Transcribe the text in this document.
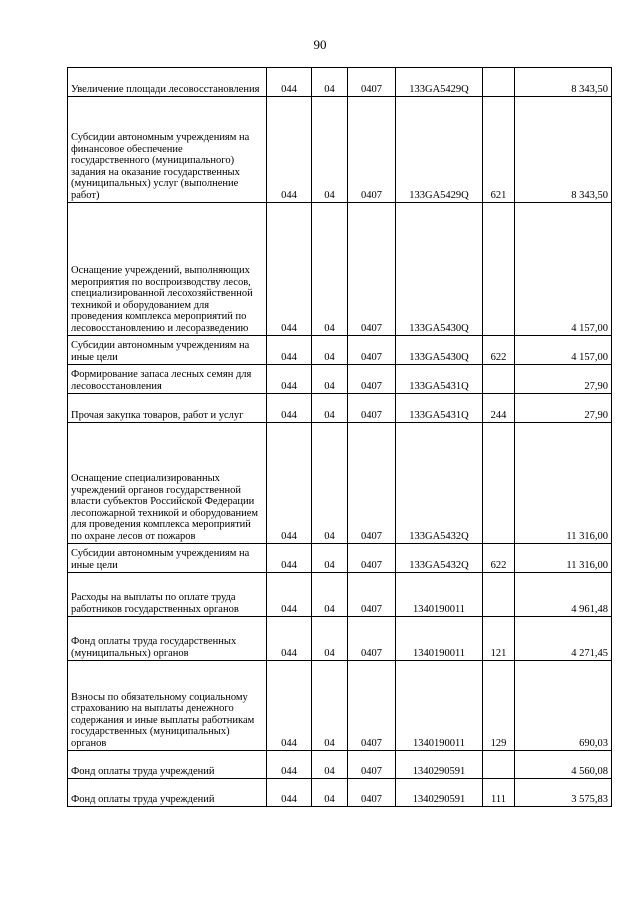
90
Увеличение площади лесовосстановления	044	04	0407	133GA5429Q		8 343,50
Субсидии автономным учреждениям на финансовое обеспечение государственного (муниципального) задания на оказание государственных (муниципальных) услуг (выполнение работ)	044	04	0407	133GA5429Q	621	8 343,50
Оснащение учреждений, выполняющих мероприятия по воспроизводству лесов, специализированной лесохозяйственной техникой и оборудованием для проведения комплекса мероприятий по лесовосстановлению и лесоразведению	044	04	0407	133GA5430Q		4 157,00
Субсидии автономным учреждениям на иные цели	044	04	0407	133GA5430Q	622	4 157,00
Формирование запаса лесных семян для лесовосстановления	044	04	0407	133GA5431Q		27,90
Прочая закупка товаров, работ и услуг	044	04	0407	133GA5431Q	244	27,90
Оснащение специализированных учреждений органов государственной власти субъектов Российской Федерации лесопожарной техникой и оборудованием для проведения комплекса мероприятий по охране лесов от пожаров	044	04	0407	133GA5432Q		11 316,00
Субсидии автономным учреждениям на иные цели	044	04	0407	133GA5432Q	622	11 316,00
Расходы на выплаты по оплате труда работников государственных органов	044	04	0407	1340190011		4 961,48
Фонд оплаты труда государственных (муниципальных) органов	044	04	0407	1340190011	121	4 271,45
Взносы по обязательному социальному страхованию на выплаты денежного содержания и иные выплаты работникам государственных (муниципальных) органов	044	04	0407	1340190011	129	690,03
Фонд оплаты труда учреждений	044	04	0407	1340290591		4 560,08
Фонд оплаты труда учреждений	044	04	0407	1340290591	111	3 575,83
